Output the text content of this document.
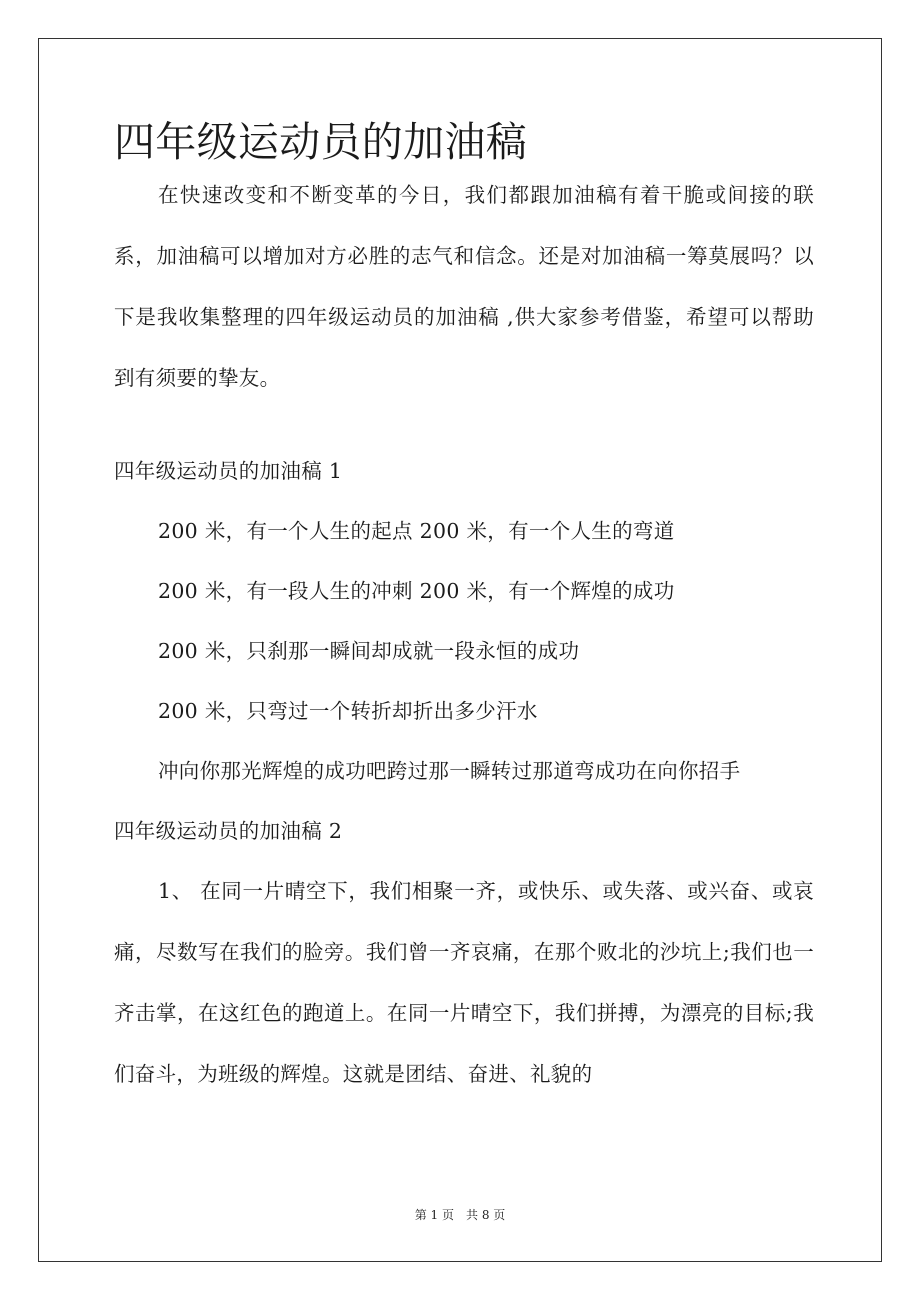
四年级运动员的加油稿

在快速改变和不断变革的今日，我们都跟加油稿有着干脆或间接的联系，加油稿可以增加对方必胜的志气和信念。还是对加油稿一筹莫展吗？以下是我收集整理的四年级运动员的加油稿 ,供大家参考借鉴，希望可以帮助到有须要的挚友。

四年级运动员的加油稿 1

200 米，有一个人生的起点 200 米，有一个人生的弯道

200 米，有一段人生的冲刺 200 米，有一个辉煌的成功

200 米，只刹那一瞬间却成就一段永恒的成功

200 米，只弯过一个转折却折出多少汗水

冲向你那光辉煌的成功吧跨过那一瞬转过那道弯成功在向你招手

四年级运动员的加油稿 2

1、 在同一片晴空下，我们相聚一齐，或快乐、或失落、或兴奋、或哀痛，尽数写在我们的脸旁。我们曾一齐哀痛，在那个败北的沙坑上;我们也一齐击掌，在这红色的跑道上。在同一片晴空下，我们拼搏，为漂亮的目标;我们奋斗，为班级的辉煌。这就是团结、奋进、礼貌的

第 1 页　共 8 页
